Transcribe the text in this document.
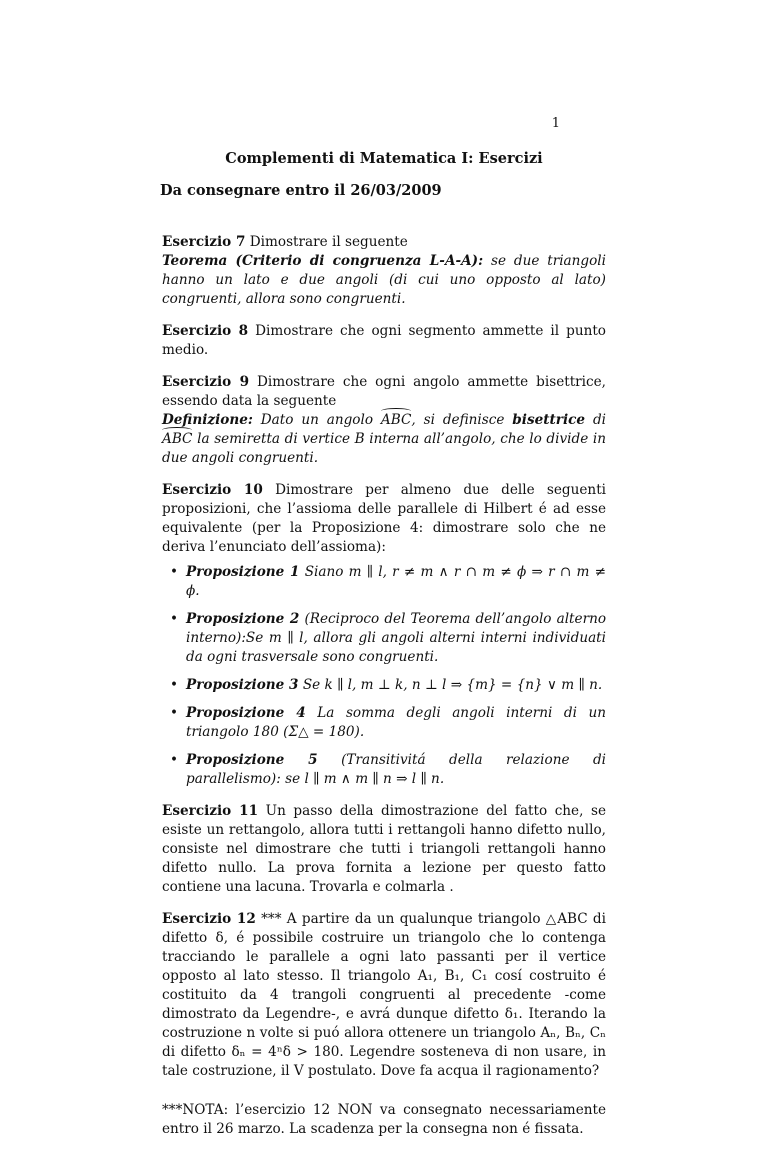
1
Complementi di Matematica I: Esercizi
Da consegnare entro il 26/03/2009

Esercizio 7 Dimostrare il seguente
Teorema (Criterio di congruenza L-A-A): se due triangoli hanno un lato e due angoli (di cui uno opposto al lato) congruenti, allora sono congruenti.

Esercizio 8 Dimostrare che ogni segmento ammette il punto medio.

Esercizio 9 Dimostrare che ogni angolo ammette bisettrice, essendo data la seguente
Definizione: Dato un angolo ABC, si definisce bisettrice di ABC la semiretta di vertice B interna all’angolo, che lo divide in due angoli congruenti.

Esercizio 10 Dimostrare per almeno due delle seguenti proposizioni, che l’assioma delle parallele di Hilbert é ad esse equivalente (per la Proposizione 4: dimostrare solo che ne deriva l’enunciato dell’assioma):
• Proposizione 1 Siano m ∥ l, r ≠ m ∧ r ∩ m ≠ ϕ ⇒ r ∩ m ≠ ϕ.
• Proposizione 2 (Reciproco del Teorema dell’angolo alterno interno):Se m ∥ l, allora gli angoli alterni interni individuati da ogni trasversale sono congruenti.
• Proposizione 3 Se k ∥ l, m ⊥ k, n ⊥ l ⇒ {m} = {n} ∨ m ∥ n.
• Proposizione 4 La somma degli angoli interni di un triangolo 180 (Σ△ = 180).
• Proposizione 5 (Transitivitá della relazione di parallelismo): se l ∥ m ∧ m ∥ n ⇒ l ∥ n.

Esercizio 11 Un passo della dimostrazione del fatto che, se esiste un rettangolo, allora tutti i rettangoli hanno difetto nullo, consiste nel dimostrare che tutti i triangoli rettangoli hanno difetto nullo. La prova fornita a lezione per questo fatto contiene una lacuna. Trovarla e colmarla .

Esercizio 12 *** A partire da un qualunque triangolo △ABC di difetto δ, é possibile costruire un triangolo che lo contenga tracciando le parallele a ogni lato passanti per il vertice opposto al lato stesso. Il triangolo A₁, B₁, C₁ cosí costruito é costituito da 4 trangoli congruenti al precedente -come dimostrato da Legendre-, e avrá dunque difetto δ₁. Iterando la costruzione n volte si puó allora ottenere un triangolo Aₙ, Bₙ, Cₙ di difetto δₙ = 4ⁿδ > 180. Legendre sosteneva di non usare, in tale costruzione, il V postulato. Dove fa acqua il ragionamento?

***NOTA: l’esercizio 12 NON va consegnato necessariamente entro il 26 marzo. La scadenza per la consegna non é fissata.
